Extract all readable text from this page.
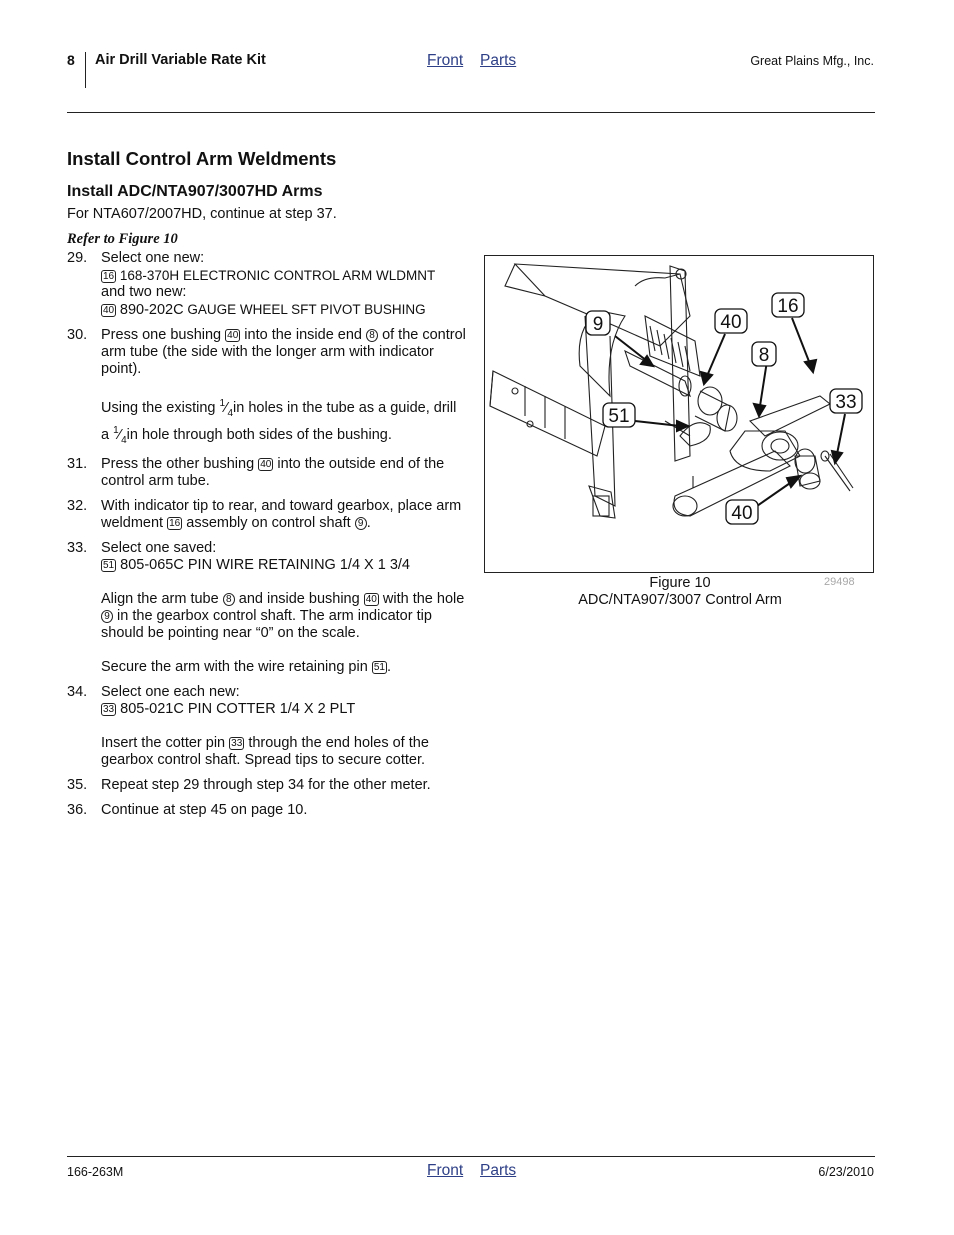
8 Air Drill Variable Rate Kit	Front Parts	Great Plains Mfg., Inc.
Install Control Arm Weldments
Install ADC/NTA907/3007HD Arms
For NTA607/2007HD, continue at step 37.
Refer to Figure 10
29. Select one new:

16 168-370H ELECTRONIC CONTROL ARM WLDMNT

and two new:

40 890-202C GAUGE WHEEL SFT PIVOT BUSHING

30. Press one bushing 40 into the inside end 8 of the control arm tube (the side with the longer arm with indicator point).

Using the existing $^1⁄_4in$ holes in the tube as a guide, drill a $^1⁄_4in$ hole through both sides of the bushing.

31. Press the other bushing 40 into the outside end of the control arm tube.

32. With indicator tip to rear, and toward gearbox, place arm weldment 16 assembly on control shaft 9 .

33. Select one saved:

51 805-065C PIN WIRE RETAINING 1/4 X 1 3/4

Align the arm tube 8 and inside bushing 40 with the hole 9 in the gearbox control shaft. The arm indicator tip should be pointing near “0” on the scale.

Secure the arm with the wire retaining pin 51 .

34. Select one each new:

33 805-021C PIN COTTER 1/4 X 2 PLT

Insert the cotter pin 33 through the end holes of the gearbox control shaft. Spread tips to secure cotter.

35. Repeat step 29 through step 34 for the other meter.

36. Continue at step 45 on page 10.

9	40
16
8
51
33
40
Figure 10
ADC/NTA907/3007 Control Arm
29498
166-263M	Front Parts	6/23/2010
